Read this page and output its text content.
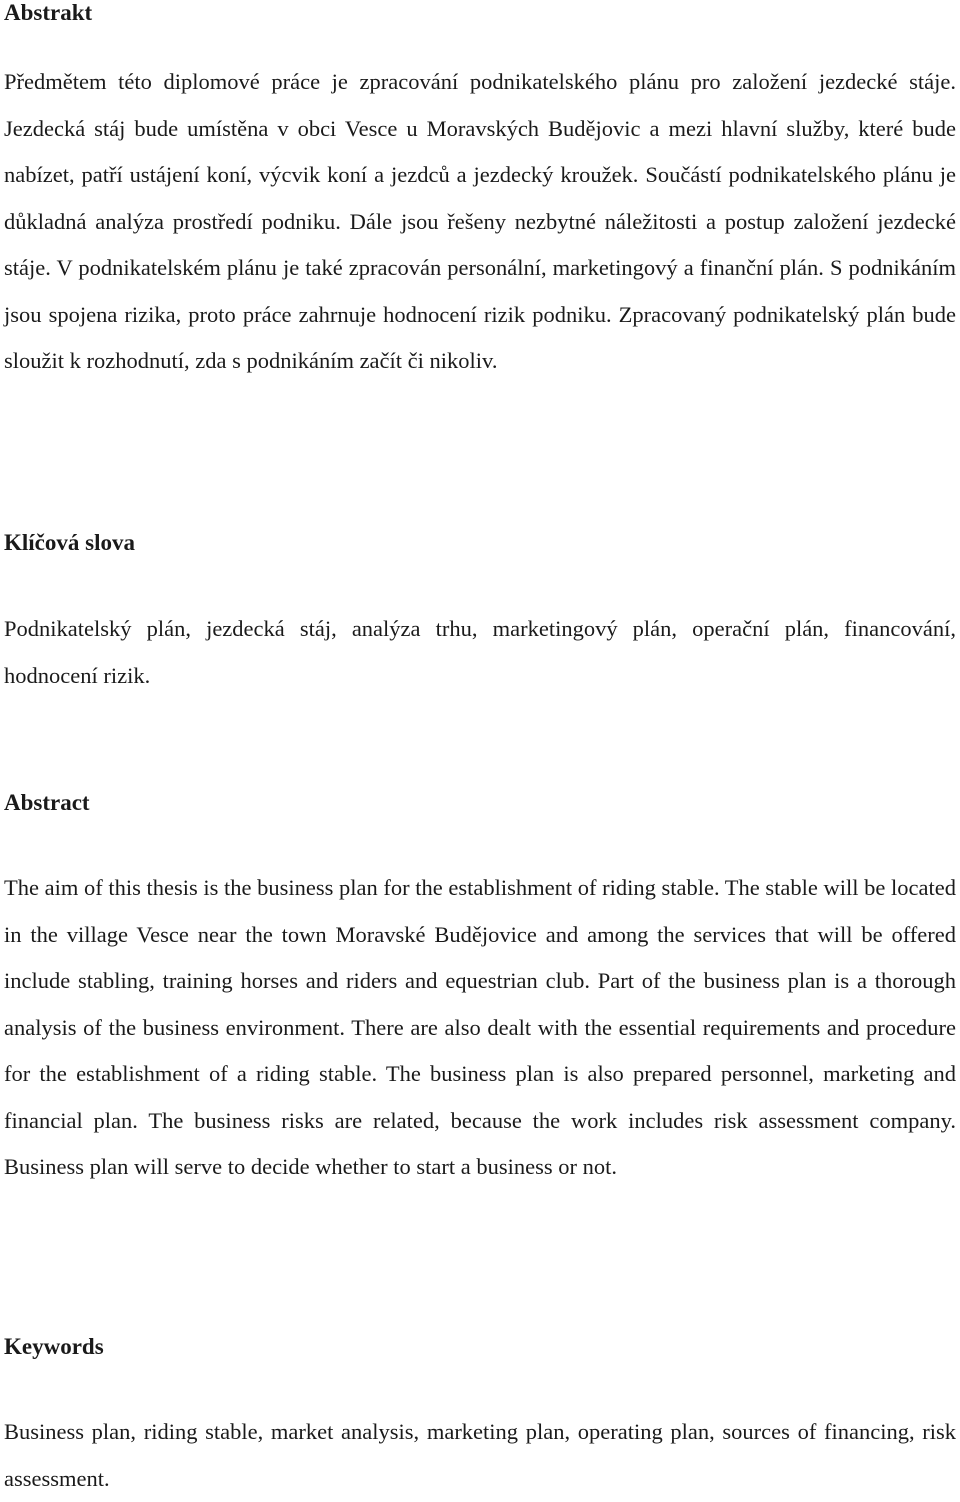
Abstrakt

Předmětem této diplomové práce je zpracování podnikatelského plánu pro založení jezdecké stáje. Jezdecká stáj bude umístěna v obci Vesce u Moravských Budějovic a mezi hlavní služby, které bude nabízet, patří ustájení koní, výcvik koní a jezdců a jezdecký kroužek. Součástí podnikatelského plánu je důkladná analýza prostředí podniku. Dále jsou řešeny nezbytné náležitosti a postup založení jezdecké stáje. V podnikatelském plánu je také zpracován personální, marketingový a finanční plán. S podnikáním jsou spojena rizika, proto práce zahrnuje hodnocení rizik podniku. Zpracovaný podnikatelský plán bude sloužit k rozhodnutí, zda s podnikáním začít či nikoliv.

Klíčová slova

Podnikatelský plán, jezdecká stáj, analýza trhu, marketingový plán, operační plán, financování, hodnocení rizik.

Abstract

The aim of this thesis is the business plan for the establishment of riding stable. The stable will be located in the village Vesce near the town Moravské Budějovice and among the services that will be offered include stabling, training horses and riders and equestrian club. Part of the business plan is a thorough analysis of the business environment. There are also dealt with the essential requirements and procedure for the establishment of a riding stable. The business plan is also prepared personnel, marketing and financial plan. The business risks are related, because the work includes risk assessment company. Business plan will serve to decide whether to start a business or not.

Keywords

Business plan, riding stable, market analysis, marketing plan, operating plan, sources of financing, risk assessment.
